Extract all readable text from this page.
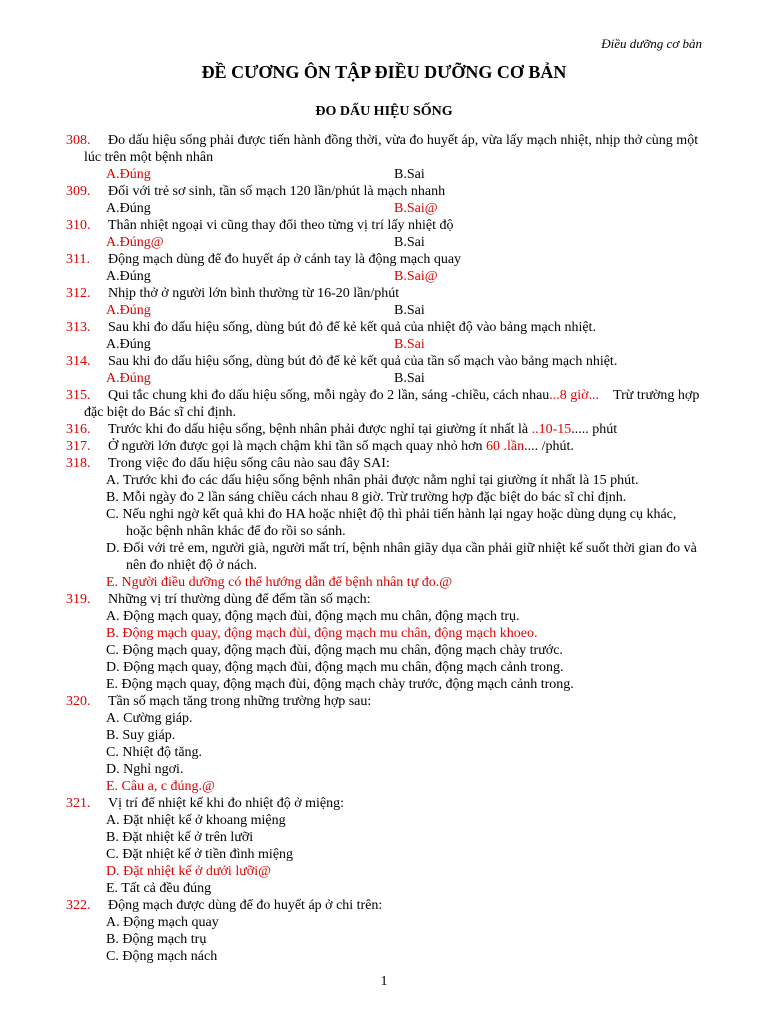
Điều dưỡng cơ bản
ĐỀ CƯƠNG ÔN TẬP ĐIỀU DƯỠNG CƠ BẢN
ĐO DẤU HIỆU SỐNG
308. Đo dấu hiệu sống phải được tiến hành đồng thời, vừa đo huyết áp, vừa lấy mạch nhiệt, nhịp thở cùng một lúc trên một bệnh nhân
A.Đúng	B.Sai
309. Đối với trẻ sơ sinh, tần số mạch 120 lần/phút là mạch nhanh
A.Đúng	B.Sai@
310. Thân nhiệt ngoại vi cũng thay đổi theo từng vị trí lấy nhiệt độ
A.Đúng@	B.Sai
311. Động mạch dùng để đo huyết áp ở cánh tay là động mạch quay
A.Đúng	B.Sai@
312. Nhịp thở ở người lớn bình thường từ 16-20 lần/phút
A.Đúng	B.Sai
313. Sau khi đo dấu hiệu sống, dùng bút đỏ để kẻ kết quả của nhiệt độ vào bảng mạch nhiệt.
A.Đúng	B.Sai
314. Sau khi đo dấu hiệu sống, dùng bút đỏ để kẻ kết quả của tần số mạch vào bảng mạch nhiệt.
A.Đúng	B.Sai
315. Qui tắc chung khi đo dấu hiệu sống, mỗi ngày đo 2 lần, sáng -chiều, cách nhau...8 giờ... Trừ trường hợp đặc biệt do Bác sĩ chỉ định.
316. Trước khi đo dấu hiệu sống, bệnh nhân phải được nghỉ tại giường ít nhất là ..10-15..... phút
317. Ở người lớn được gọi là mạch chậm khi tần số mạch quay nhỏ hơn 60 .lần.... /phút.
318. Trong việc đo dấu hiệu sống câu nào sau đây SAI:
A. Trước khi đo các dấu hiệu sống bệnh nhân phải được nằm nghỉ tại giường ít nhất là 15 phút.
B. Mỗi ngày đo 2 lần sáng chiều cách nhau 8 giờ. Trừ trường hợp đặc biệt do bác sĩ chỉ định.
C. Nếu nghi ngờ kết quả khi đo HA hoặc nhiệt độ thì phải tiến hành lại ngay hoặc dùng dụng cụ khác, hoặc bệnh nhân khác để đo rồi so sánh.
D. Đối với trẻ em, người già, người mất trí, bệnh nhân giãy dụa cần phải giữ nhiệt kế suốt thời gian đo và nên đo nhiệt độ ở nách.
E. Người điều dưỡng có thể hướng dẫn để bệnh nhân tự đo.@
319. Những vị trí thường dùng để đếm tần số mạch:
A. Động mạch quay, động mạch đùi, động mạch mu chân, động mạch trụ.
B. Động mạch quay, động mạch đùi, động mạch mu chân, động mạch khoeo.
C. Động mạch quay, động mạch đùi, động mạch mu chân, động mạch chày trước.
D. Động mạch quay, động mạch đùi, động mạch mu chân, động mạch cảnh trong.
E. Động mạch quay, động mạch đùi, động mạch chày trước, động mạch cảnh trong.
320. Tần số mạch tăng trong những trường hợp sau:
A. Cường giáp.
B. Suy giáp.
C. Nhiệt độ tăng.
D. Nghỉ ngơi.
E. Câu a, c đúng.@
321. Vị trí để nhiệt kế khi đo nhiệt độ ở miệng:
A. Đặt nhiệt kế ở khoang miệng
B. Đặt nhiệt kế ở trên lưỡi
C. Đặt nhiệt kế ở tiền đình miệng
D. Đặt nhiệt kế ở dưới lưỡi@
E. Tất cả đều đúng
322. Động mạch được dùng để đo huyết áp ở chi trên:
A. Động mạch quay
B. Động mạch trụ
C. Động mạch nách
1
